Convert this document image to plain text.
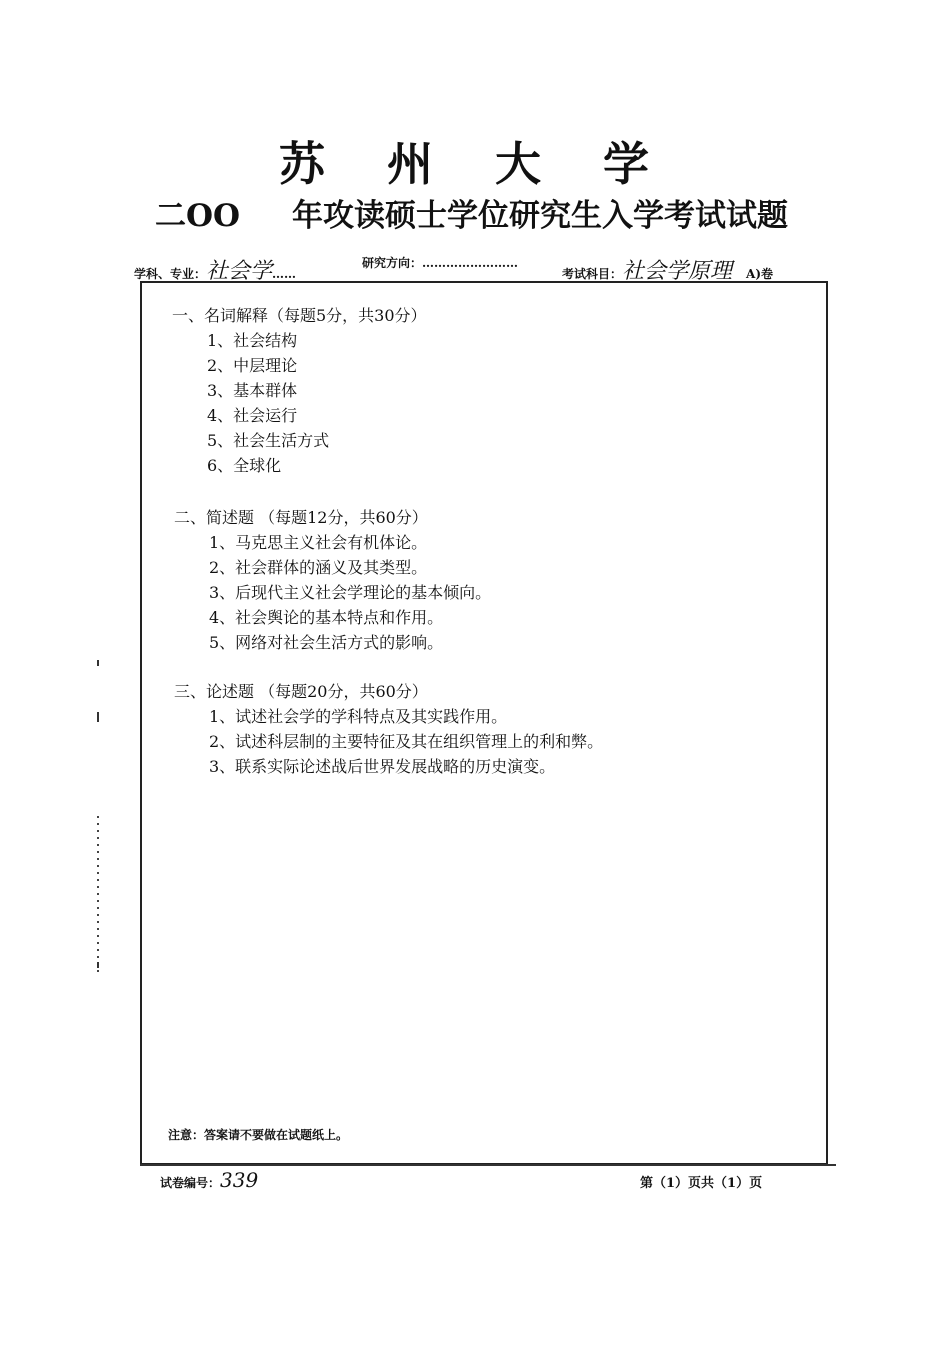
苏州大学
二OO 年攻读硕士学位研究生入学考试试题
学科、专业：社会学……
研究方向：……………………
考试科目：社会学原理 A)卷
一、名词解释（每题5分，共30分）
1、社会结构
2、中层理论
3、基本群体
4、社会运行
5、社会生活方式
6、全球化
二、简述题 （每题12分，共60分）
1、马克思主义社会有机体论。
2、社会群体的涵义及其类型。
3、后现代主义社会学理论的基本倾向。
4、社会舆论的基本特点和作用。
5、网络对社会生活方式的影响。
三、论述题 （每题20分，共60分）
1、试述社会学的学科特点及其实践作用。
2、试述科层制的主要特征及其在组织管理上的利和弊。
3、联系实际论述战后世界发展战略的历史演变。
注意：答案请不要做在试题纸上。
试卷编号：339	第（1）页共（1）页
